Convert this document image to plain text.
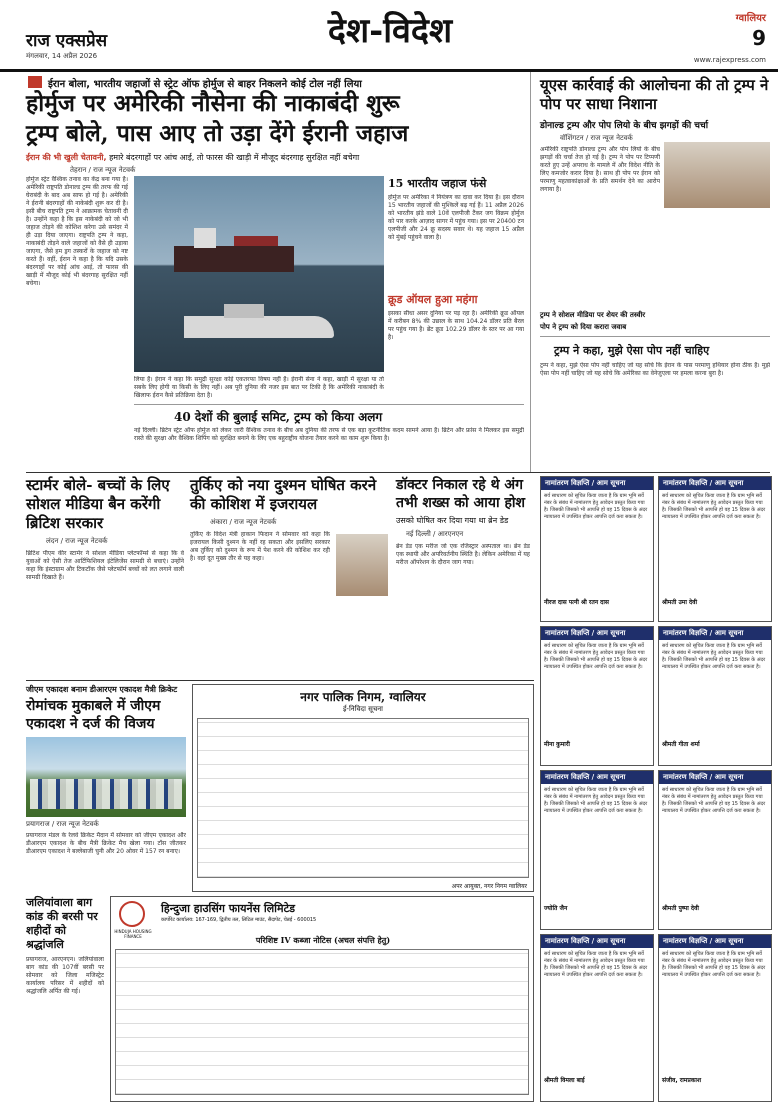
राज एक्सप्रेस
मंगलवार, 14 अप्रैल 2026
देश-विदेश	ग्वालियर
9
www.rajexpress.com
ईरान बोला, भारतीय जहाजों से स्ट्रेट ऑफ होर्मुज से बाहर निकलने कोई टोल नहीं लिया
होर्मुज पर अमेरिकी नौसेना की नाकाबंदी शुरू
ट्रम्प बोले, पास आए तो उड़ा देंगे ईरानी जहाज
ईरान की भी खुली चेतावनी, हमारे बंदरगाहों पर आंच आई, तो फारस की खाड़ी में मौजूद बंदरगाह सुरक्षित नहीं बचेगा
तेहरान / राज न्यूज नेटवर्क
होर्मुज स्ट्रेट वैश्विक तनाव का केंद्र बना गया है। अमेरिकी राष्ट्रपति डोनाल्ड ट्रम्प की तरफ की गई घेराबंदी के बाद अब साफ हो गई है। अमेरिकी ने ईरानी बंदरगाहों की नाकेबंदी शुरू कर दी है। इसी बीच राष्ट्रपति ट्रम्प ने आक्रामक चेतावनी दी है। उन्होंने कहा है कि इस नाकेबंदी को जो भी जहाज तोड़ने की कोशिश करेगा उसे समंदर में ही उड़ा दिया जाएगा। राष्ट्रपति ट्रम्प ने कहा, नाकाबंदी तोड़ने वाले जहाजों को वैसे ही उड़ाया जाएगा, जैसे हम ड्रग तस्करों के जहाज को नष्ट करते हैं। वहीं, ईरान ने कहा है कि यदि उसके बंदरगाहों पर कोई आंच आई, तो फारस की खाड़ी में मौजूद कोई भी बंदरगाह सुरक्षित नहीं बचेगा।
लिया है। ईरान ने कहा कि समुद्री सुरक्षा कोई एकतरफा विषय नहीं है। ईरानी सेना ने कहा, खाड़ी में सुरक्षा या तो सबके लिए होगी या किसी के लिए नहीं। अब पूरी दुनिया की नजर इस बात पर टिकी है कि अमेरिकी नाकाबंदी के खिलाफ ईरान कैसे प्रतिक्रिया देता है।
15 भारतीय जहाज फंसे
होर्मुज पर अमेरिका ने नियंत्रण का दावा कर दिया है। इस दौरान 15 भारतीय जहाजों की मुश्किलें बढ़ गई हैं। 11 अप्रैल 2026 को भारतीय झंडे वाले 10वें एलपीजी टैंकर जग विक्रम होर्मुज को पार करके आज़ाद सागर में पहुंच गया। इस पर 20400 टन एलपीजी और 24 क्रू सदस्य सवार थे। यह जहाज 15 अप्रैल को मुंबई पहुंचने वाला है।
क्रूड ऑयल हुआ महंगा
इसका सीधा असर दुनिया पर पड़ रहा है। अमेरिकी क्रूड ऑयल में करीबन 8% की उछाल के साथ 104.24 डॉलर प्रति बैरल पर पहुंच गया है। ब्रेंट क्रूड 102.29 डॉलर के स्तर पर आ गया है।
40 देशों की बुलाई समिट, ट्रम्प को किया अलग
नई दिल्ली। ब्रिटेन स्ट्रेट ऑफ होर्मुज को लेकर जारी वैश्विक तनाव के बीच अब दुनिया की तरफ से एक बड़ा कूटनीतिक कदम सामने आया है। ब्रिटेन और फ्रांस ने मिलकर इस समुद्री रास्ते की सुरक्षा और वैश्विक शिपिंग को सुरक्षित बनाने के लिए एक बहुराष्ट्रीय योजना तैयार करने का काम शुरू किया है।
यूएस कार्रवाई की आलोचना की तो ट्रम्प ने पोप पर साधा निशाना
डोनाल्ड ट्रम्प और पोप लियो के बीच झगड़ों की चर्चा
वॉशिंगटन / राज न्यूज नेटवर्क
अमेरिकी राष्ट्रपति डोनाल्ड ट्रम्प और पोप लियो के बीच झगड़ों की चर्चा तेज हो गई है। ट्रम्प ने पोप पर टिप्पणी करते हुए उन्हें अपराध के मामले में और विदेश नीति के लिए कमजोर करार दिया है। साथ ही पोप पर ईरान को परमाणु महत्वाकांक्षाओं के प्रति समर्थन देने का आरोप लगाया है।
ट्रम्प ने सोशल मीडिया पर शेयर की तस्वीर
पोप ने ट्रम्प को दिया करारा जवाब
ट्रम्प ने कहा, मुझे ऐसा पोप नहीं चाहिए
ट्रम्प ने कहा, मुझे ऐसा पोप नहीं चाहिए जो यह सोचे कि ईरान के पास परमाणु हथियार होना ठीक है। मुझे ऐसा पोप नहीं चाहिए जो यह सोचे कि अमेरिका का वेनेजुएला पर हमला करना बुरा है।
स्टार्मर बोले- बच्चों के लिए सोशल मीडिया बैन करेंगी ब्रिटिश सरकार
लंदन / राज न्यूज नेटवर्क
ब्रिटिश पीएम कीर स्टार्मर ने सोशल मीडिया प्लेटफॉर्म्स से कहा कि वे युवाओं को ऐसी तेज आर्टिफिशियल इंटेलिजेंस सामग्री से बचाएं। उन्होंने कहा कि इंस्टाग्राम और टिकटॉक जैसे प्लेटफॉर्म बच्चों को लत लगाने वाली सामग्री दिखाते हैं।
तुर्किए को नया दुश्मन घोषित करने की कोशिश में इजरायल
अंकारा / राज न्यूज नेटवर्क
तुर्किए के विदेश मंत्री हाकान फिदान ने सोमवार को कहा कि इजरायल किसी दुश्मन के नहीं रह सकता और इसलिए सरकार अब तुर्किए को दुश्मन के रूप में पेश करने की कोशिश कर रही है। वहां दूत मुख्य तौर से यह कहा।
डॉक्टर निकाल रहे थे अंग तभी शख्स को आया होश
उसको घोषित कर दिया गया था ब्रेन डेड
नई दिल्ली / आरएनएन
ब्रेन डेड एक मरीज जो एक रजिस्ट्रार अस्पताल था। ब्रेन डेड एक स्थायी और अपरिवर्तनीय स्थिति है। लेकिन अमेरिका में यह मरीज ऑपरेशन के दौरान जाग गया।
नामांतरण विज्ञप्ति / आम सूचना
सर्व साधारण को सूचित किया जाता है कि ग्राम भूमि सर्वे नंबर के संबंध में नामांतरण हेतु आवेदन प्रस्तुत किया गया है। जिसकी जिसको भी आपत्ति हो वह 15 दिवस के अंदर न्यायालय में उपस्थित होकर आपत्ति दर्ज करा सकता है।
नीरज दास पत्नी श्री रतन दास
नामांतरण विज्ञप्ति / आम सूचना
सर्व साधारण को सूचित किया जाता है कि ग्राम भूमि सर्वे नंबर के संबंध में नामांतरण हेतु आवेदन प्रस्तुत किया गया है। जिसकी जिसको भी आपत्ति हो वह 15 दिवस के अंदर न्यायालय में उपस्थित होकर आपत्ति दर्ज करा सकता है।
श्रीमती उमा देवी
नामांतरण विज्ञप्ति / आम सूचना
सर्व साधारण को सूचित किया जाता है कि ग्राम भूमि सर्वे नंबर के संबंध में नामांतरण हेतु आवेदन प्रस्तुत किया गया है। जिसकी जिसको भी आपत्ति हो वह 15 दिवस के अंदर न्यायालय में उपस्थित होकर आपत्ति दर्ज करा सकता है।
मीना कुमारी
नामांतरण विज्ञप्ति / आम सूचना
सर्व साधारण को सूचित किया जाता है कि ग्राम भूमि सर्वे नंबर के संबंध में नामांतरण हेतु आवेदन प्रस्तुत किया गया है। जिसकी जिसको भी आपत्ति हो वह 15 दिवस के अंदर न्यायालय में उपस्थित होकर आपत्ति दर्ज करा सकता है।
श्रीमती गीता शर्मा
नामांतरण विज्ञप्ति / आम सूचना
सर्व साधारण को सूचित किया जाता है कि ग्राम भूमि सर्वे नंबर के संबंध में नामांतरण हेतु आवेदन प्रस्तुत किया गया है। जिसकी जिसको भी आपत्ति हो वह 15 दिवस के अंदर न्यायालय में उपस्थित होकर आपत्ति दर्ज करा सकता है।
ज्योति जैन
नामांतरण विज्ञप्ति / आम सूचना
सर्व साधारण को सूचित किया जाता है कि ग्राम भूमि सर्वे नंबर के संबंध में नामांतरण हेतु आवेदन प्रस्तुत किया गया है। जिसकी जिसको भी आपत्ति हो वह 15 दिवस के अंदर न्यायालय में उपस्थित होकर आपत्ति दर्ज करा सकता है।
श्रीमती पुष्पा देवी
नामांतरण विज्ञप्ति / आम सूचना
सर्व साधारण को सूचित किया जाता है कि ग्राम भूमि सर्वे नंबर के संबंध में नामांतरण हेतु आवेदन प्रस्तुत किया गया है। जिसकी जिसको भी आपत्ति हो वह 15 दिवस के अंदर न्यायालय में उपस्थित होकर आपत्ति दर्ज करा सकता है।
श्रीमती विमला बाई
नामांतरण विज्ञप्ति / आम सूचना
सर्व साधारण को सूचित किया जाता है कि ग्राम भूमि सर्वे नंबर के संबंध में नामांतरण हेतु आवेदन प्रस्तुत किया गया है। जिसकी जिसको भी आपत्ति हो वह 15 दिवस के अंदर न्यायालय में उपस्थित होकर आपत्ति दर्ज करा सकता है।
संजीव, रामप्रकाश
जीएम एकादश बनाम डीआरएम एकादश मैत्री क्रिकेट
रोमांचक मुकाबले में जीएम एकादश ने दर्ज की विजय
प्रयागराज / राज न्यूज नेटवर्क
प्रयागराज मंडल के रेलवे क्रिकेट मैदान में सोमवार को जीएम एकादश और डीआरएम एकादश के बीच मैत्री क्रिकेट मैच खेला गया। टॉस जीतकर डीआरएम एकादश ने बल्लेबाजी चुनी और 20 ओवर में 157 रन बनाए।
नगर पालिक निगम, ग्वालियर
ई-निविदा सूचना
अपर आयुक्त, नगर निगम ग्वालियर
जलियांवाला बाग कांड की बरसी पर शहीदों को श्रद्धांजलि
प्रयागराज, आरएनएन। जलियांवाला बाग कांड की 107वीं बरसी पर सोमवार को जिला मजिस्ट्रेट कार्यालय परिसर में शहीदों को श्रद्धांजलि अर्पित की गई।
HINDUJA HOUSING FINANCE
हिन्दुजा हाउसिंग फायनेंस लिमिटेड
कार्पोरेट कार्यालय: 167-169, द्वितीय तल, लिटिल माउंट, सैदापेट, चेन्नई - 600015
परिशिष्ट IV कब्जा नोटिस (अचल संपत्ति हेतु)
